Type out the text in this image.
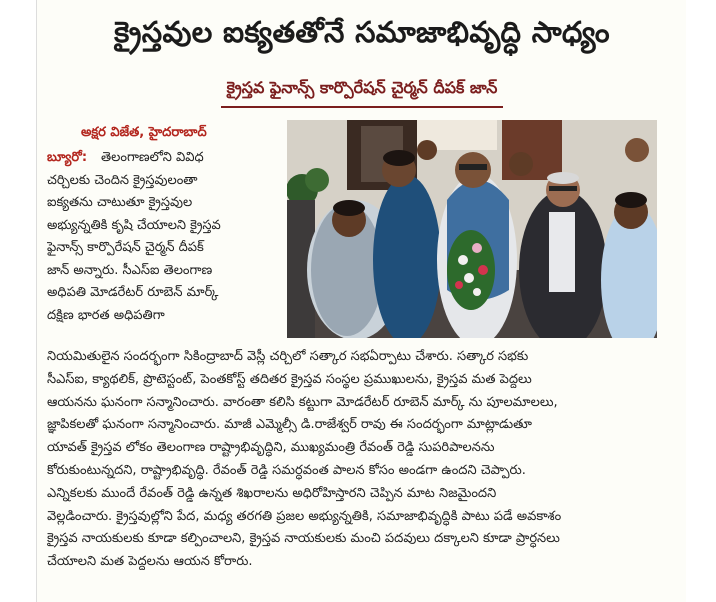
క్రైస్తవుల ఐక్యతతోనే సమాజాభివృద్ధి సాధ్యం
క్రైస్తవ ఫైనాన్స్ కార్పొరేషన్ చైర్మన్ దీపక్ జాన్
అక్షర విజేత, హైదరాబాద్
బ్యూరో: తెలంగాణలోని వివిధ
చర్చిలకు చెందిన క్రైస్తవులంతా
ఐక్యతను చాటుతూ క్రైస్తవుల
అభ్యున్నతికి కృషి చేయాలని క్రైస్తవ
ఫైనాన్స్ కార్పొరేషన్ చైర్మన్ దీపక్
జాన్ అన్నారు. సీఎస్ఐ తెలంగాణ
అధిపతి మోడరేటర్ రూబెన్ మార్క్
దక్షిణ భారత అధిపతిగా
నియమితులైన సందర్భంగా సికింద్రాబాద్ వెస్లీ చర్చిలో సత్కార సభఏర్పాటు చేశారు. సత్కార సభకు
సీఎస్ఐ, క్యాథలిక్, ప్రొటెస్టంట్, పెంతకోస్ట్ తదితర క్రైస్తవ సంస్థల ప్రముఖులను, క్రైస్తవ మత పెద్దలు
ఆయనను ఘనంగా సన్మానించారు. వారంతా కలిసి కట్టుగా మోడరేటర్ రూబెన్ మార్క్ ను పూలమాలలు,
జ్ఞాపికలతో ఘనంగా సన్మానించారు. మాజీ ఎమ్మెల్సీ డి.రాజేశ్వర్ రావు ఈ సందర్భంగా మాట్లాడుతూ
యావత్ క్రైస్తవ లోకం తెలంగాణ రాష్ట్రాభివృద్ధిని, ముఖ్యమంత్రి రేవంత్ రెడ్డి సుపరిపాలనను
కోరుకుంటున్నదని, రాష్ట్రాభివృద్ధి. రేవంత్ రెడ్డి సమర్ధవంత పాలన కోసం అండగా ఉందని చెప్పారు.
ఎన్నికలకు ముందే రేవంత్ రెడ్డి ఉన్నత శిఖరాలను అధిరోహిస్తారని చెప్పిన మాట నిజమైందని
వెల్లడించారు. క్రైస్తవుల్లోని పేద, మధ్య తరగతి ప్రజల అభ్యున్నతికి, సమాజాభివృద్ధికి పాటు పడే అవకాశం
క్రైస్తవ నాయకులకు కూడా కల్పించాలని, క్రైస్తవ నాయకులకు మంచి పదవులు దక్కాలని కూడా ప్రార్ధనలు
చేయాలని మత పెద్దలను ఆయన కోరారు.
